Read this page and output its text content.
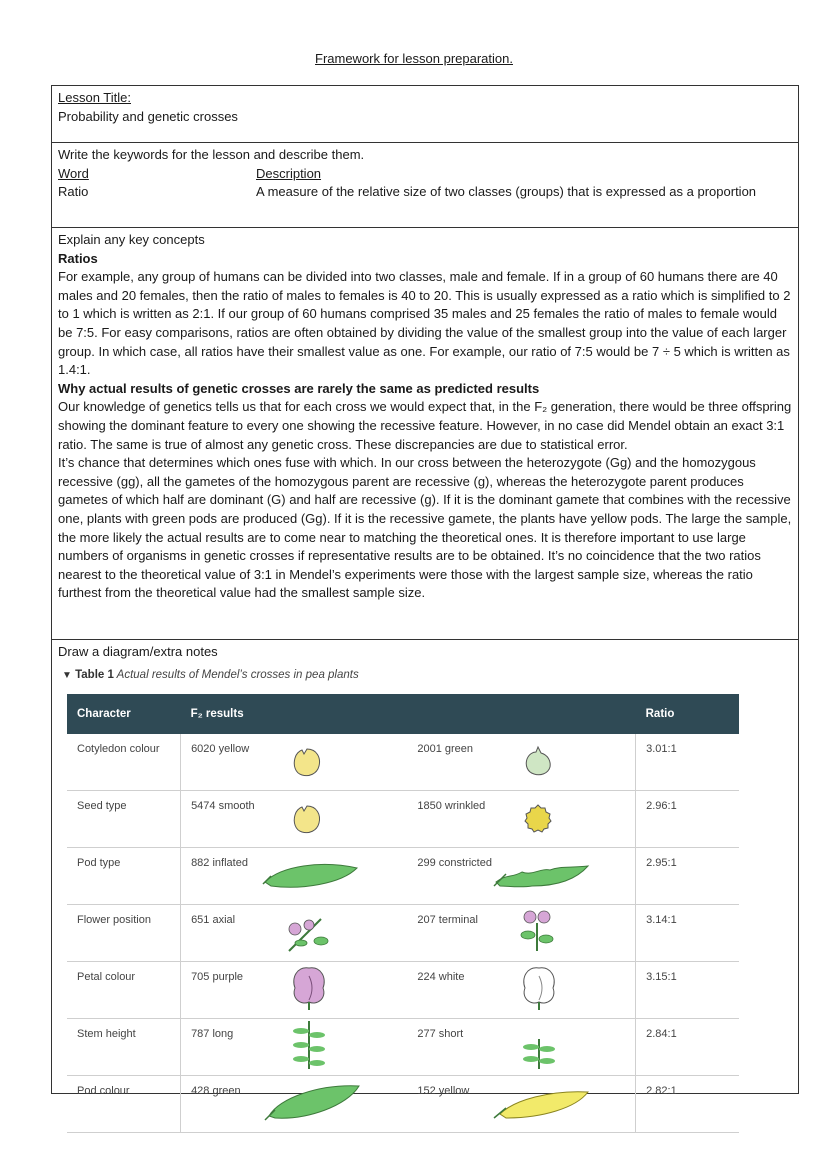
Framework for lesson preparation.

Lesson Title:

Probability and genetic crosses

Write the keywords for the lesson and describe them.

Word	Description
Ratio	A measure of the relative size of two classes (groups) that is expressed as a proportion

Explain any key concepts

Ratios

For example, any group of humans can be divided into two classes, male and female. If in a group of 60 humans there are 40 males and 20 females, then the ratio of males to females is 40 to 20. This is usually expressed as a ratio which is simplified to 2 to 1 which is written as 2:1. If our group of 60 humans comprised 35 males and 25 females the ratio of males to female would be 7:5. For easy comparisons, ratios are often obtained by dividing the value of the smallest group into the value of each larger group. In which case, all ratios have their smallest value as one. For example, our ratio of 7:5 would be 7 ÷ 5 which is written as 1.4:1.

Why actual results of genetic crosses are rarely the same as predicted results

Our knowledge of genetics tells us that for each cross we would expect that, in the F₂ generation, there would be three offspring showing the dominant feature to every one showing the recessive feature. However, in no case did Mendel obtain an exact 3:1 ratio. The same is true of almost any genetic cross. These discrepancies are due to statistical error.

It’s chance that determines which ones fuse with which. In our cross between the heterozygote (Gg) and the homozygous recessive (gg), all the gametes of the homozygous parent are recessive (g), whereas the heterozygote parent produces gametes of which half are dominant (G) and half are recessive (g). If it is the dominant gamete that combines with the recessive one, plants with green pods are produced (Gg). If it is the recessive gamete, the plants have yellow pods. The large the sample, the more likely the actual results are to come near to matching the theoretical ones. It is therefore important to use large numbers of organisms in genetic crosses if representative results are to be obtained. It’s no coincidence that the two ratios nearest to the theoretical value of 3:1 in Mendel’s experiments were those with the largest sample size, whereas the ratio furthest from the theoretical value had the smallest sample size.

Draw a diagram/extra notes

▼ Table 1 Actual results of Mendel’s crosses in pea plants
Character	F₂ results		Ratio
Cotyledon colour	6020 yellow	2001 green	3.01:1
Seed type	5474 smooth	1850 wrinkled	2.96:1
Pod type	882 inflated	299 constricted	2.95:1
Flower position	651 axial	207 terminal	3.14:1
Petal colour	705 purple	224 white	3.15:1
Stem height	787 long	277 short	2.84:1
Pod colour	428 green	152 yellow	2.82:1
